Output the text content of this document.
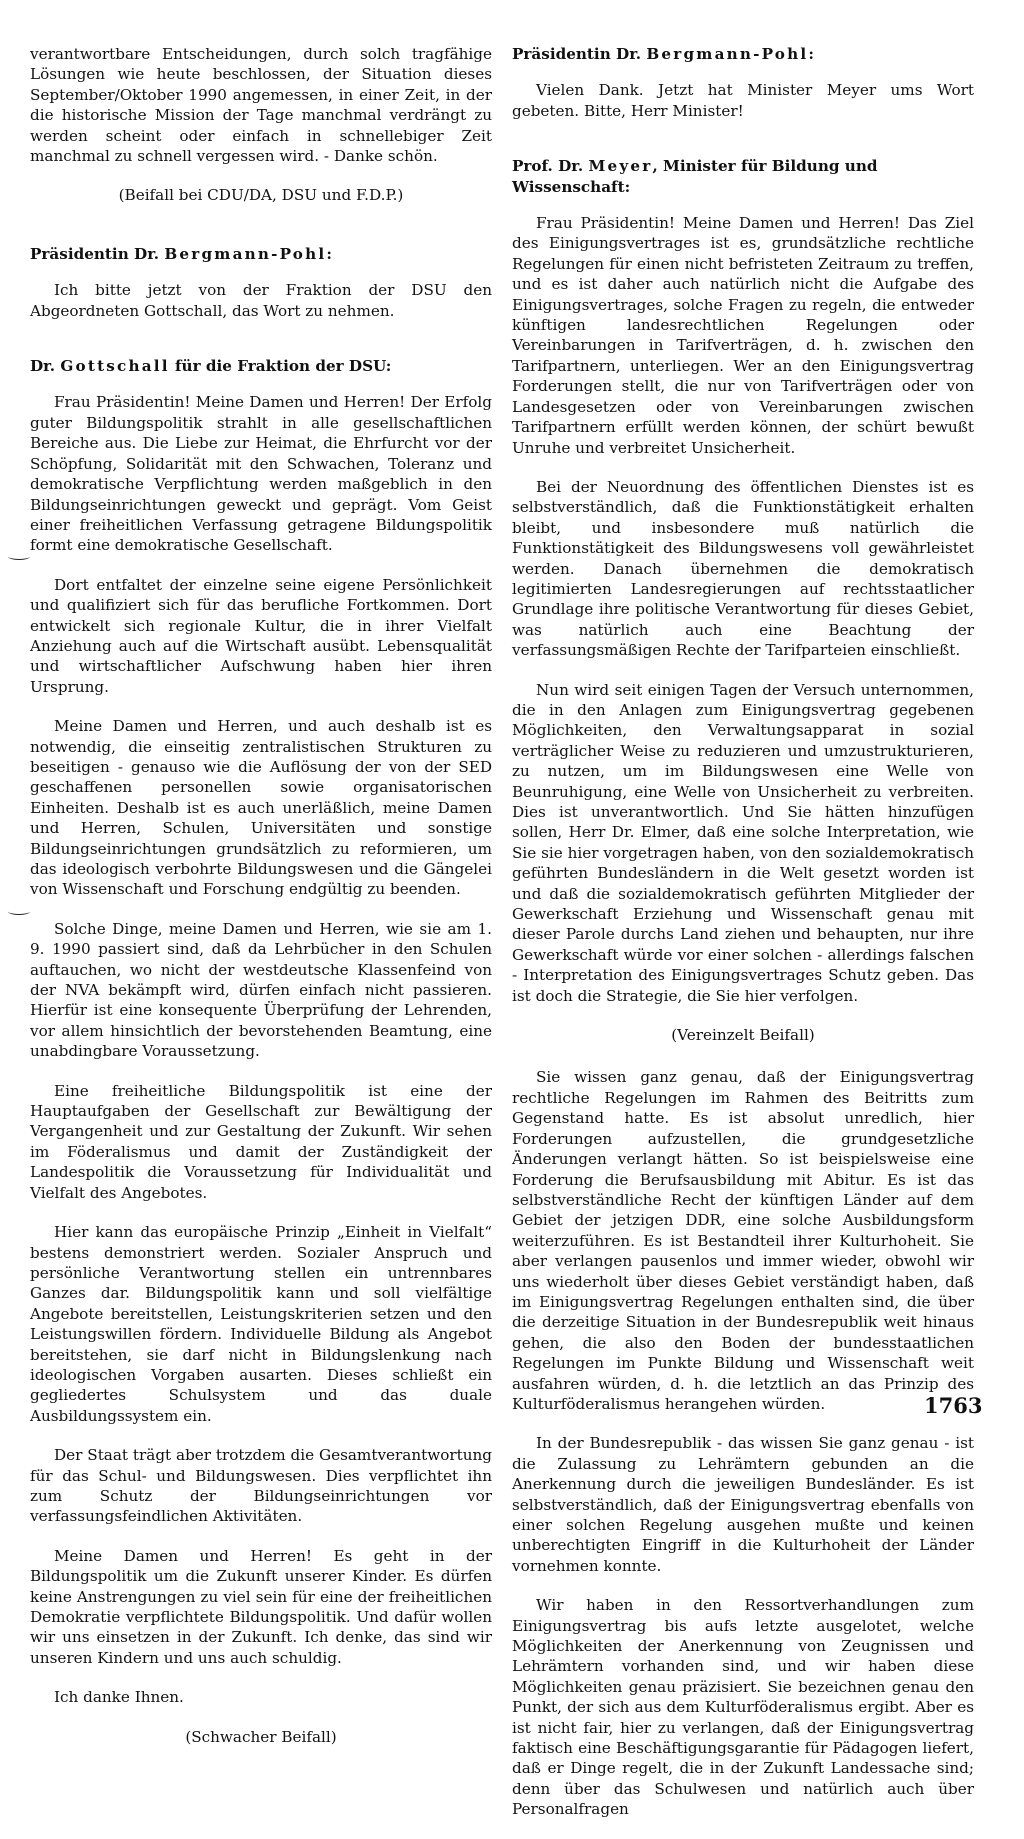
verantwortbare Entscheidungen, durch solch tragfähige Lösungen wie heute beschlossen, der Situation dieses September/Oktober 1990 angemessen, in einer Zeit, in der die historische Mission der Tage manchmal verdrängt zu werden scheint oder einfach in schnellebiger Zeit manchmal zu schnell vergessen wird. - Danke schön.

(Beifall bei CDU/DA, DSU und F.D.P.)

Präsidentin Dr. Bergmann-Pohl:

Ich bitte jetzt von der Fraktion der DSU den Abgeordneten Gottschall, das Wort zu nehmen.

Dr. Gottschall für die Fraktion der DSU:

Frau Präsidentin! Meine Damen und Herren! Der Erfolg guter Bildungspolitik strahlt in alle gesellschaftlichen Bereiche aus. Die Liebe zur Heimat, die Ehrfurcht vor der Schöpfung, Solidarität mit den Schwachen, Toleranz und demokratische Verpflichtung werden maßgeblich in den Bildungseinrichtungen geweckt und geprägt. Vom Geist einer freiheitlichen Verfassung getragene Bildungspolitik formt eine demokratische Gesellschaft.

Dort entfaltet der einzelne seine eigene Persönlichkeit und qualifiziert sich für das berufliche Fortkommen. Dort entwickelt sich regionale Kultur, die in ihrer Vielfalt Anziehung auch auf die Wirtschaft ausübt. Lebensqualität und wirtschaftlicher Aufschwung haben hier ihren Ursprung.

Meine Damen und Herren, und auch deshalb ist es notwendig, die einseitig zentralistischen Strukturen zu beseitigen - genauso wie die Auflösung der von der SED geschaffenen personellen sowie organisatorischen Einheiten. Deshalb ist es auch unerläßlich, meine Damen und Herren, Schulen, Universitäten und sonstige Bildungseinrichtungen grundsätzlich zu reformieren, um das ideologisch verbohrte Bildungswesen und die Gängelei von Wissenschaft und Forschung endgültig zu beenden.

Solche Dinge, meine Damen und Herren, wie sie am 1. 9. 1990 passiert sind, daß da Lehrbücher in den Schulen auftauchen, wo nicht der westdeutsche Klassenfeind von der NVA bekämpft wird, dürfen einfach nicht passieren. Hierfür ist eine konsequente Überprüfung der Lehrenden, vor allem hinsichtlich der bevorstehenden Beamtung, eine unabdingbare Voraussetzung.

Eine freiheitliche Bildungspolitik ist eine der Hauptaufgaben der Gesellschaft zur Bewältigung der Vergangenheit und zur Gestaltung der Zukunft. Wir sehen im Föderalismus und damit der Zuständigkeit der Landespolitik die Voraussetzung für Individualität und Vielfalt des Angebotes.

Hier kann das europäische Prinzip „Einheit in Vielfalt“ bestens demonstriert werden. Sozialer Anspruch und persönliche Verantwortung stellen ein untrennbares Ganzes dar. Bildungspolitik kann und soll vielfältige Angebote bereitstellen, Leistungskriterien setzen und den Leistungswillen fördern. Individuelle Bildung als Angebot bereitstehen, sie darf nicht in Bildungslenkung nach ideologischen Vorgaben ausarten. Dieses schließt ein gegliedertes Schulsystem und das duale Ausbildungssystem ein.

Der Staat trägt aber trotzdem die Gesamtverantwortung für das Schul- und Bildungswesen. Dies verpflichtet ihn zum Schutz der Bildungseinrichtungen vor verfassungsfeindlichen Aktivitäten.

Meine Damen und Herren! Es geht in der Bildungspolitik um die Zukunft unserer Kinder. Es dürfen keine Anstrengungen zu viel sein für eine der freiheitlichen Demokratie verpflichtete Bildungspolitik. Und dafür wollen wir uns einsetzen in der Zukunft. Ich denke, das sind wir unseren Kindern und uns auch schuldig.

Ich danke Ihnen.

(Schwacher Beifall)

Präsidentin Dr. Bergmann-Pohl:

Vielen Dank. Jetzt hat Minister Meyer ums Wort gebeten. Bitte, Herr Minister!

Prof. Dr. Meyer, Minister für Bildung und Wissenschaft:

Frau Präsidentin! Meine Damen und Herren! Das Ziel des Einigungsvertrages ist es, grundsätzliche rechtliche Regelungen für einen nicht befristeten Zeitraum zu treffen, und es ist daher auch natürlich nicht die Aufgabe des Einigungsvertrages, solche Fragen zu regeln, die entweder künftigen landesrechtlichen Regelungen oder Vereinbarungen in Tarifverträgen, d. h. zwischen den Tarifpartnern, unterliegen. Wer an den Einigungsvertrag Forderungen stellt, die nur von Tarifverträgen oder von Landesgesetzen oder von Vereinbarungen zwischen Tarifpartnern erfüllt werden können, der schürt bewußt Unruhe und verbreitet Unsicherheit.

Bei der Neuordnung des öffentlichen Dienstes ist es selbstverständlich, daß die Funktionstätigkeit erhalten bleibt, und insbesondere muß natürlich die Funktionstätigkeit des Bildungswesens voll gewährleistet werden. Danach übernehmen die demokratisch legitimierten Landesregierungen auf rechtsstaatlicher Grundlage ihre politische Verantwortung für dieses Gebiet, was natürlich auch eine Beachtung der verfassungsmäßigen Rechte der Tarifparteien einschließt.

Nun wird seit einigen Tagen der Versuch unternommen, die in den Anlagen zum Einigungsvertrag gegebenen Möglichkeiten, den Verwaltungsapparat in sozial verträglicher Weise zu reduzieren und umzustrukturieren, zu nutzen, um im Bildungswesen eine Welle von Beunruhigung, eine Welle von Unsicherheit zu verbreiten. Dies ist unverantwortlich. Und Sie hätten hinzufügen sollen, Herr Dr. Elmer, daß eine solche Interpretation, wie Sie sie hier vorgetragen haben, von den sozialdemokratisch geführten Bundesländern in die Welt gesetzt worden ist und daß die sozialdemokratisch geführten Mitglieder der Gewerkschaft Erziehung und Wissenschaft genau mit dieser Parole durchs Land ziehen und behaupten, nur ihre Gewerkschaft würde vor einer solchen - allerdings falschen - Interpretation des Einigungsvertrages Schutz geben. Das ist doch die Strategie, die Sie hier verfolgen.

(Vereinzelt Beifall)

Sie wissen ganz genau, daß der Einigungsvertrag rechtliche Regelungen im Rahmen des Beitritts zum Gegenstand hatte. Es ist absolut unredlich, hier Forderungen aufzustellen, die grundgesetzliche Änderungen verlangt hätten. So ist beispielsweise eine Forderung die Berufsausbildung mit Abitur. Es ist das selbstverständliche Recht der künftigen Länder auf dem Gebiet der jetzigen DDR, eine solche Ausbildungsform weiterzuführen. Es ist Bestandteil ihrer Kulturhoheit. Sie aber verlangen pausenlos und immer wieder, obwohl wir uns wiederholt über dieses Gebiet verständigt haben, daß im Einigungsvertrag Regelungen enthalten sind, die über die derzeitige Situation in der Bundesrepublik weit hinaus gehen, die also den Boden der bundesstaatlichen Regelungen im Punkte Bildung und Wissenschaft weit ausfahren würden, d. h. die letztlich an das Prinzip des Kulturföderalismus herangehen würden.

In der Bundesrepublik - das wissen Sie ganz genau - ist die Zulassung zu Lehrämtern gebunden an die Anerkennung durch die jeweiligen Bundesländer. Es ist selbstverständlich, daß der Einigungsvertrag ebenfalls von einer solchen Regelung ausgehen mußte und keinen unberechtigten Eingriff in die Kulturhoheit der Länder vornehmen konnte.

Wir haben in den Ressortverhandlungen zum Einigungsvertrag bis aufs letzte ausgelotet, welche Möglichkeiten der Anerkennung von Zeugnissen und Lehrämtern vorhanden sind, und wir haben diese Möglichkeiten genau präzisiert. Sie bezeichnen genau den Punkt, der sich aus dem Kulturföderalismus ergibt. Aber es ist nicht fair, hier zu verlangen, daß der Einigungsvertrag faktisch eine Beschäftigungsgarantie für Pädagogen liefert, daß er Dinge regelt, die in der Zukunft Landessache sind; denn über das Schulwesen und natürlich auch über Personalfragen

1763
